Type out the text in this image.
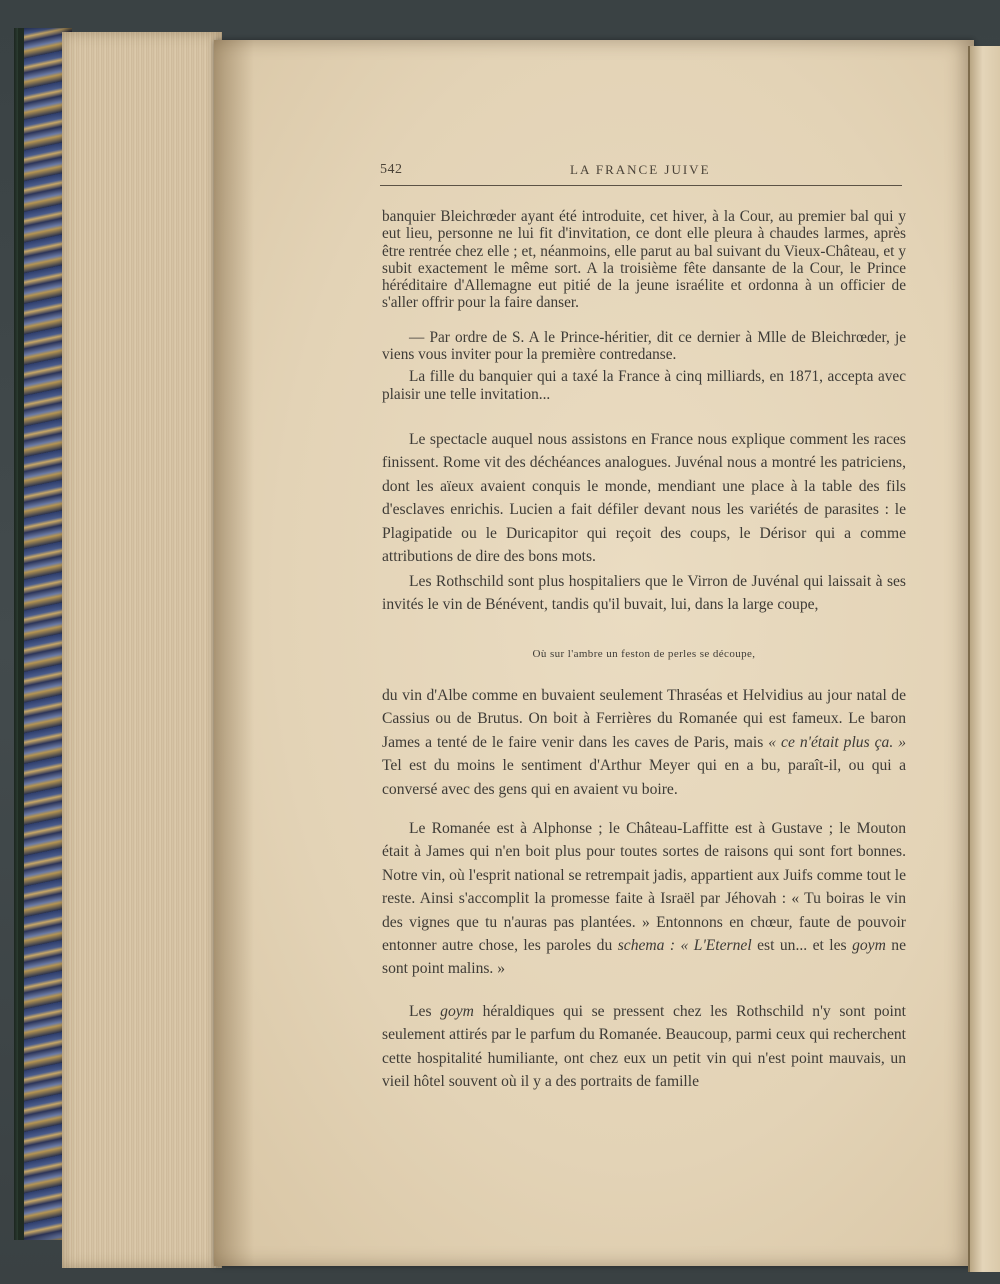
542	LA FRANCE JUIVE

banquier Bleichrœder ayant été introduite, cet hiver, à la Cour, au premier bal qui y eut lieu, personne ne lui fit d'invitation, ce dont elle pleura à chaudes larmes, après être rentrée chez elle ; et, néanmoins, elle parut au bal suivant du Vieux-Château, et y subit exactement le même sort. A la troisième fête dansante de la Cour, le Prince héréditaire d'Allemagne eut pitié de la jeune israélite et ordonna à un officier de s'aller offrir pour la faire danser.

— Par ordre de S. A le Prince-héritier, dit ce dernier à Mlle de Bleichrœder, je viens vous inviter pour la première contredanse.

La fille du banquier qui a taxé la France à cinq milliards, en 1871, accepta avec plaisir une telle invitation...

Le spectacle auquel nous assistons en France nous explique comment les races finissent. Rome vit des déchéances analogues. Juvénal nous a montré les patriciens, dont les aïeux avaient conquis le monde, mendiant une place à la table des fils d'esclaves enrichis. Lucien a fait défiler devant nous les variétés de parasites : le Plagipatide ou le Duricapitor qui reçoit des coups, le Dérisor qui a comme attributions de dire des bons mots.

Les Rothschild sont plus hospitaliers que le Virron de Juvénal qui laissait à ses invités le vin de Bénévent, tandis qu'il buvait, lui, dans la large coupe,

Où sur l'ambre un feston de perles se découpe,

du vin d'Albe comme en buvaient seulement Thraséas et Helvidius au jour natal de Cassius ou de Brutus. On boit à Ferrières du Romanée qui est fameux. Le baron James a tenté de le faire venir dans les caves de Paris, mais « ce n'était plus ça. » Tel est du moins le sentiment d'Arthur Meyer qui en a bu, paraît-il, ou qui a conversé avec des gens qui en avaient vu boire.

Le Romanée est à Alphonse ; le Château-Laffitte est à Gustave ; le Mouton était à James qui n'en boit plus pour toutes sortes de raisons qui sont fort bonnes. Notre vin, où l'esprit national se retrempait jadis, appartient aux Juifs comme tout le reste. Ainsi s'accomplit la promesse faite à Israël par Jéhovah : « Tu boiras le vin des vignes que tu n'auras pas plantées. » Entonnons en chœur, faute de pouvoir entonner autre chose, les paroles du schema : « L'Eternel est un... et les goym ne sont point malins. »

Les goym héraldiques qui se pressent chez les Rothschild n'y sont point seulement attirés par le parfum du Romanée. Beaucoup, parmi ceux qui recherchent cette hospitalité humiliante, ont chez eux un petit vin qui n'est point mauvais, un vieil hôtel souvent où il y a des portraits de famille
